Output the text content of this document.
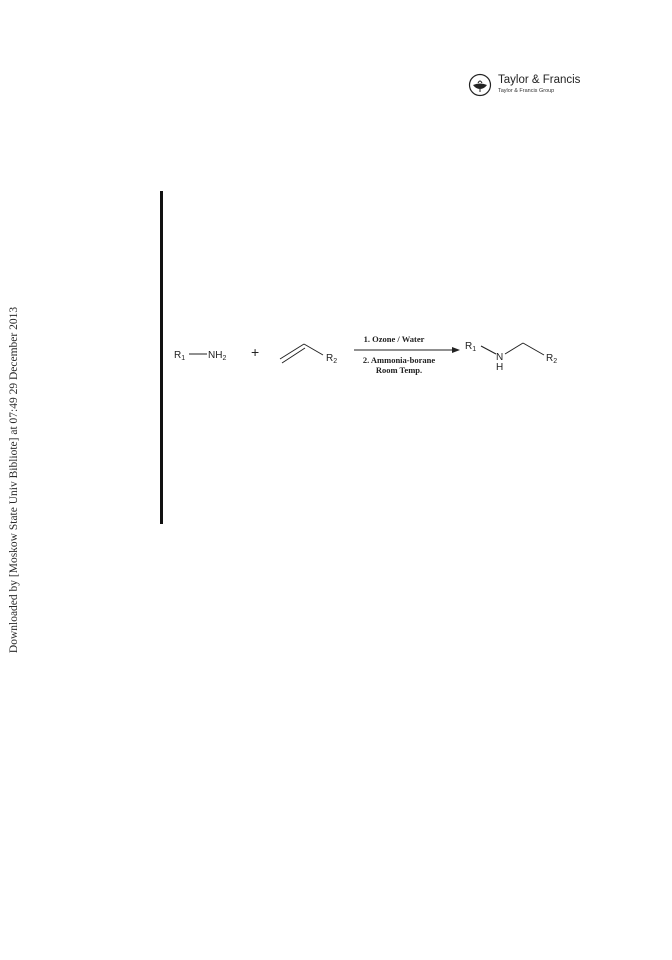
Downloaded by [Moskow State Univ Bibliote] at 07:49 29 December 2013
Taylor & Francis
Taylor & Francis Group
$R_1$ $NH_2$ +	$R_2$
1. Ozone / Water
2. Ammonia-borane
Room Temp.
$R_1$
N
H
$R_2$
